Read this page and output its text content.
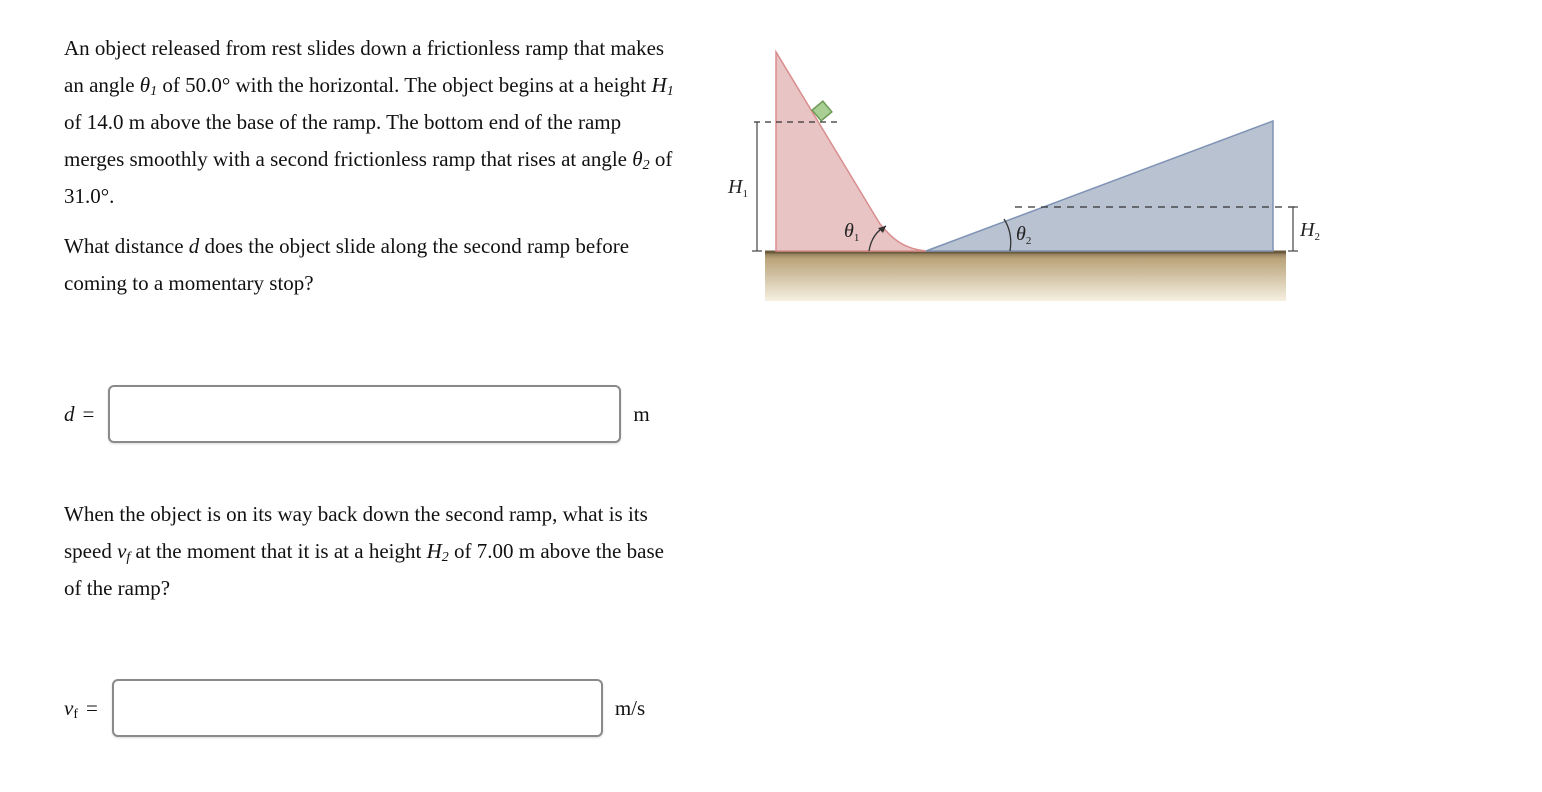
An object released from rest slides down a frictionless ramp that makes an angle $\theta_1$ of 50.0° with the horizontal. The object begins at a height $H_1$ of 14.0 m above the base of the ramp. The bottom end of the ramp merges smoothly with a second frictionless ramp that rises at angle $\theta_2$ of 31.0°.

What distance d does the object slide along the second ramp before coming to a momentary stop?

d =	m

When the object is on its way back down the second ramp, what is its speed $v_f$ at the moment that it is at a height $H_2$ of 7.00 m above the base of the ramp?

$v_f$ =	m/s
$H_1$
$H_2$
$\theta_1$	$\theta_2$
